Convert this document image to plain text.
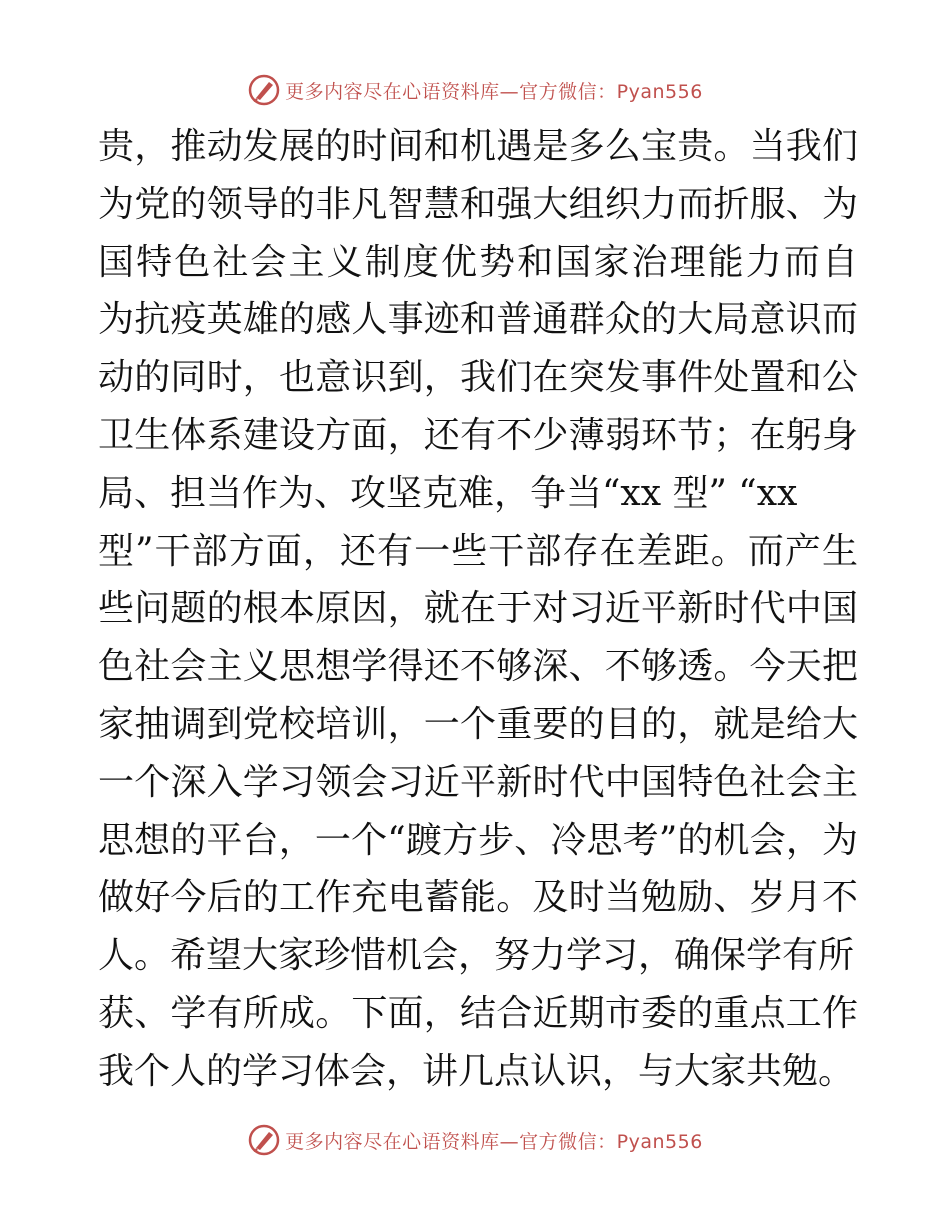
更多内容尽在心语资料库—官方微信：Pyan556
贵，推动发展的时间和机遇是多么宝贵。当我们
为党的领导的非凡智慧和强大组织力而折服、为
国特色社会主义制度优势和国家治理能力而自
为抗疫英雄的感人事迹和普通群众的大局意识而
动的同时，也意识到，我们在突发事件处置和公
卫生体系建设方面，还有不少薄弱环节；在躬身
局、担当作为、攻坚克难，争当“xx 型” “xx
型”干部方面，还有一些干部存在差距。而产生
些问题的根本原因，就在于对习近平新时代中国
色社会主义思想学得还不够深、不够透。今天把
家抽调到党校培训，一个重要的目的，就是给大
一个深入学习领会习近平新时代中国特色社会主
思想的平台，一个“踱方步、冷思考”的机会，为
做好今后的工作充电蓄能。及时当勉励、岁月不
人。希望大家珍惜机会，努力学习，确保学有所
获、学有所成。下面，结合近期市委的重点工作
我个人的学习体会，讲几点认识，与大家共勉。
更多内容尽在心语资料库—官方微信：Pyan556
